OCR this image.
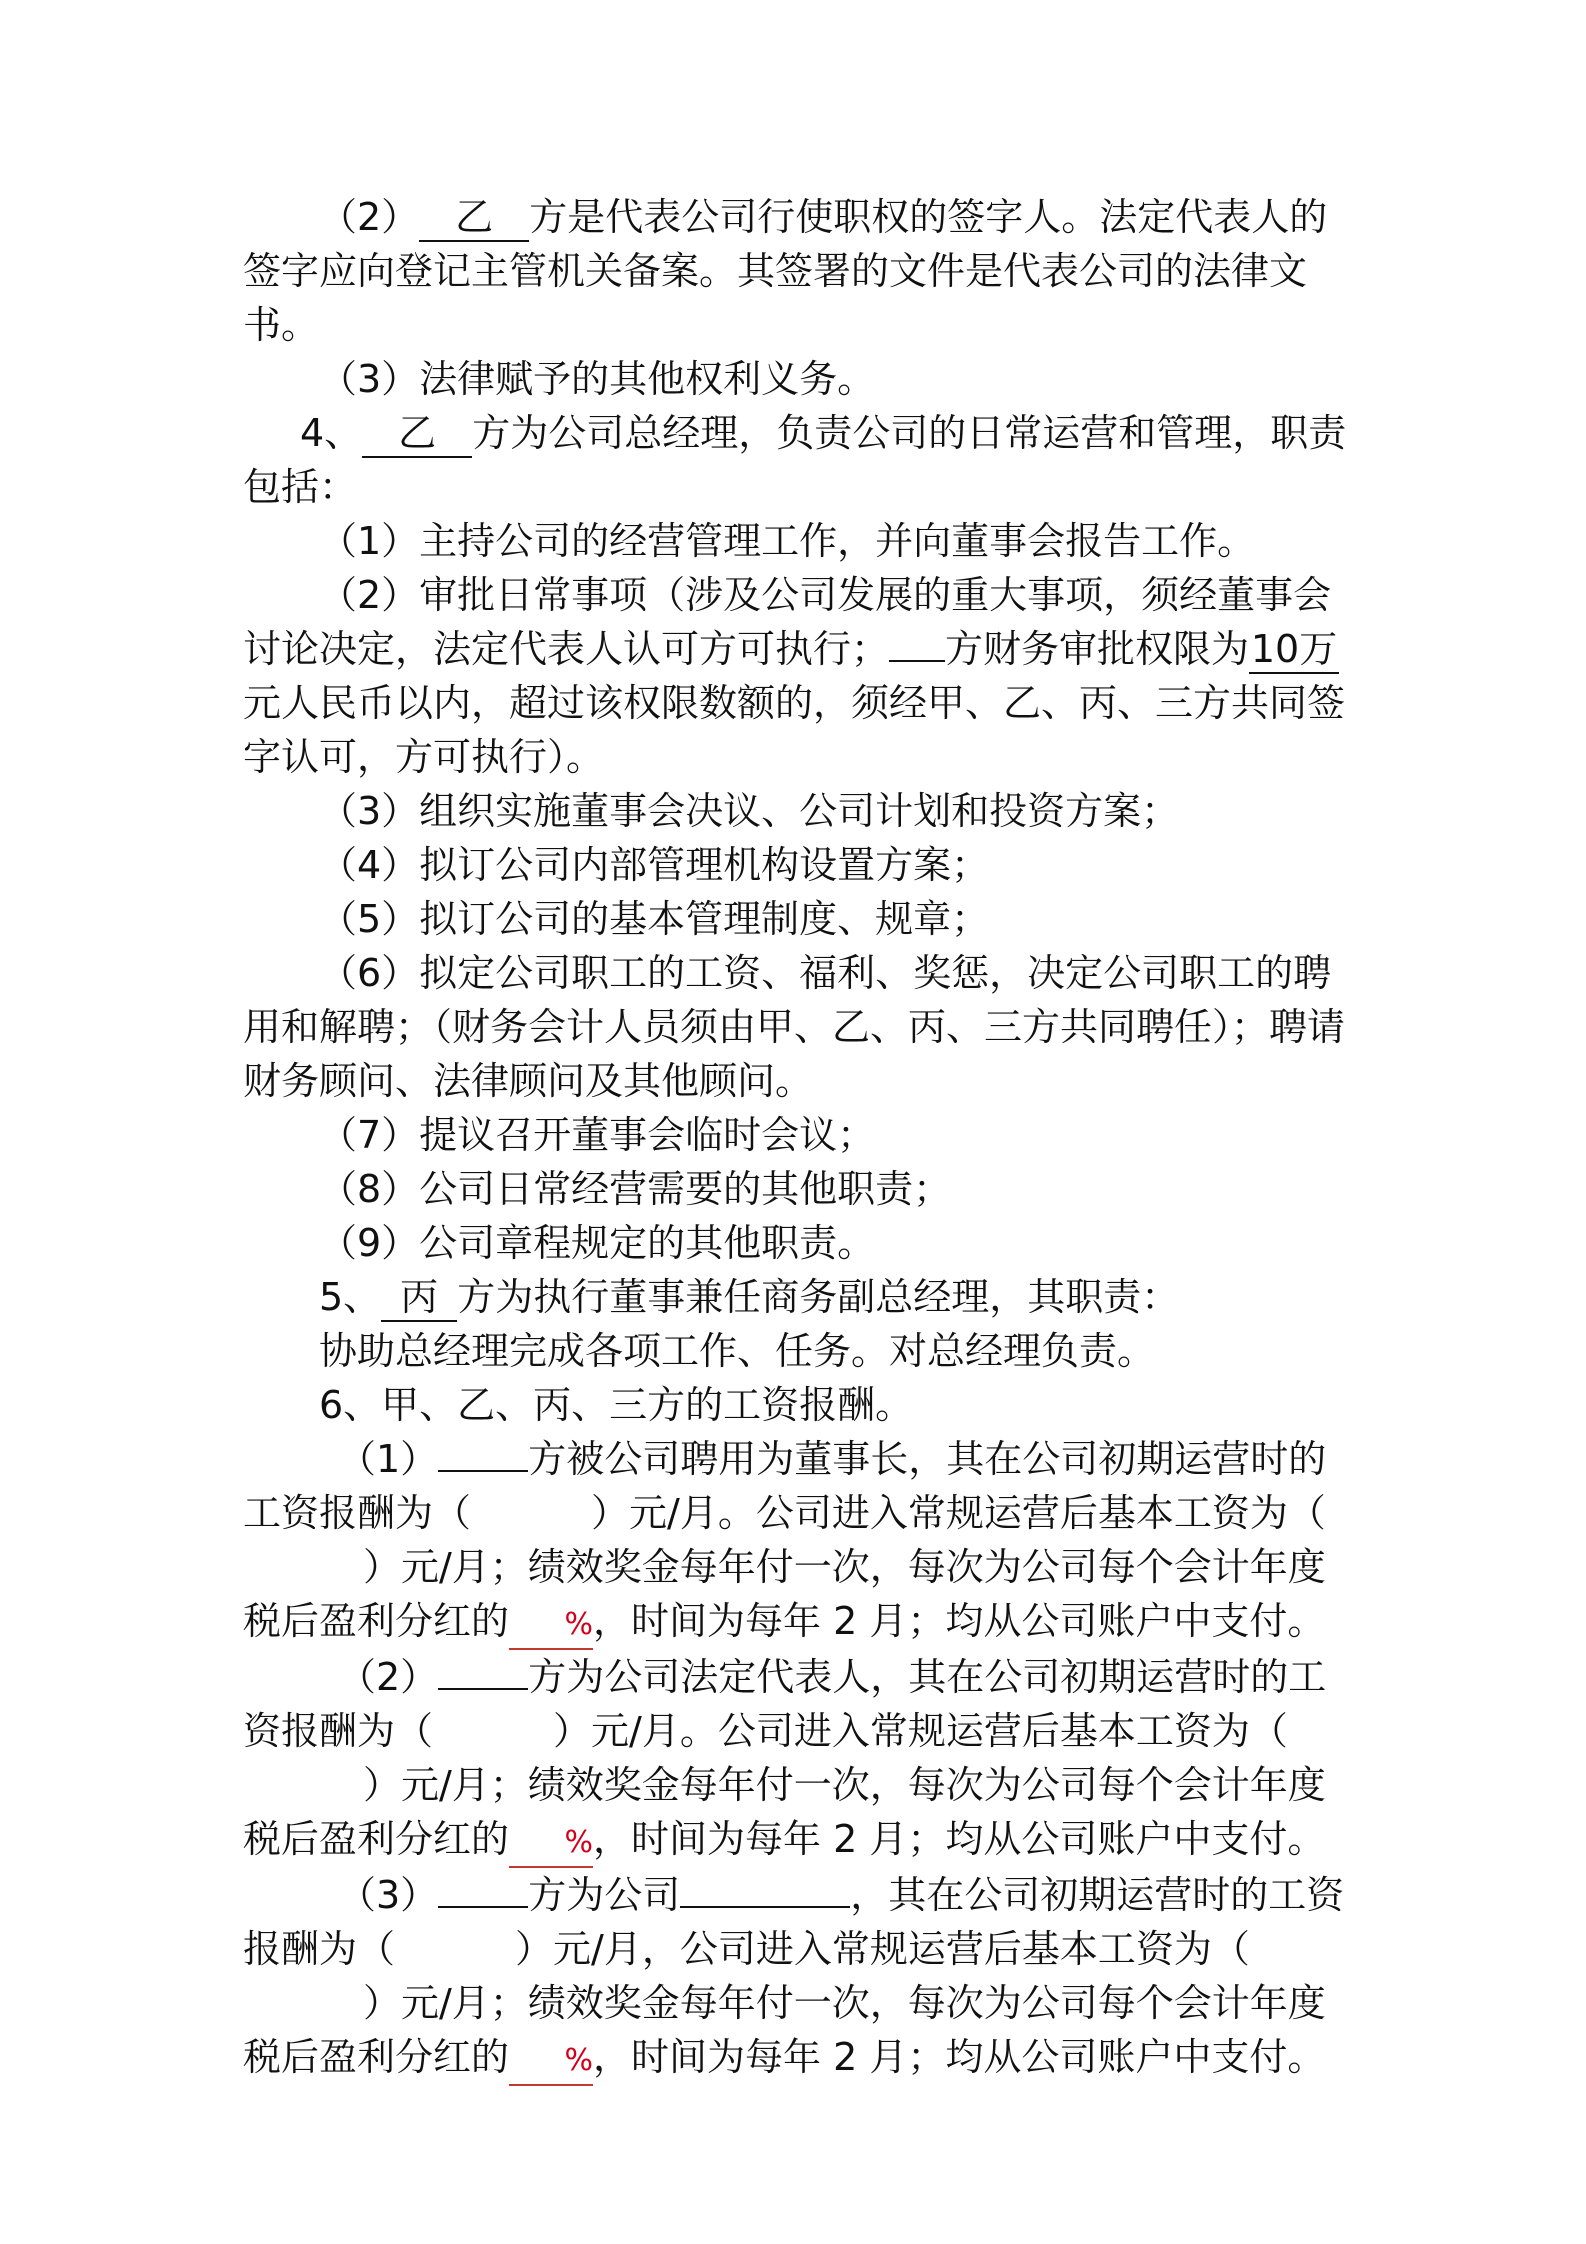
（2） 乙 方是代表公司行使职权的签字人。法定代表人的签字应向登记主管机关备案。其签署的文件是代表公司的法律文书。

（3）法律赋予的其他权利义务。

4、 乙 方为公司总经理，负责公司的日常运营和管理，职责包括：

（1）主持公司的经营管理工作，并向董事会报告工作。

（2）审批日常事项（涉及公司发展的重大事项，须经董事会讨论决定，法定代表人认可方可执行； 方财务审批权限为10万元人民币以内，超过该权限数额的，须经甲、乙、丙、三方共同签字认可，方可执行）。

（3）组织实施董事会决议、公司计划和投资方案；

（4）拟订公司内部管理机构设置方案；

（5）拟订公司的基本管理制度、规章；

（6）拟定公司职工的工资、福利、奖惩，决定公司职工的聘用和解聘；（财务会计人员须由甲、乙、丙、三方共同聘任）；聘请财务顾问、法律顾问及其他顾问。

（7）提议召开董事会临时会议；

（8）公司日常经营需要的其他职责；

（9）公司章程规定的其他职责。

5、 丙 方为执行董事兼任商务副总经理，其职责：

协助总经理完成各项工作、任务。对总经理负责。

6、甲、乙、丙、三方的工资报酬。

（1） 方被公司聘用为董事长，其在公司初期运营时的工资报酬为（	）元/月。公司进入常规运营后基本工资为（）元/月；绩效奖金每年付一次，每次为公司每个会计年度税后盈利分红的 %，时间为每年 2 月；均从公司账户中支付。

（2） 方为公司法定代表人，其在公司初期运营时的工资报酬为（	）元/月。公司进入常规运营后基本工资为（）元/月；绩效奖金每年付一次，每次为公司每个会计年度税后盈利分红的 %，时间为每年 2 月；均从公司账户中支付。

（3） 方为公司	，其在公司初期运营时的工资报酬为（	）元/月，公司进入常规运营后基本工资为（）元/月；绩效奖金每年付一次，每次为公司每个会计年度税后盈利分红的 %，时间为每年 2 月；均从公司账户中支付。
